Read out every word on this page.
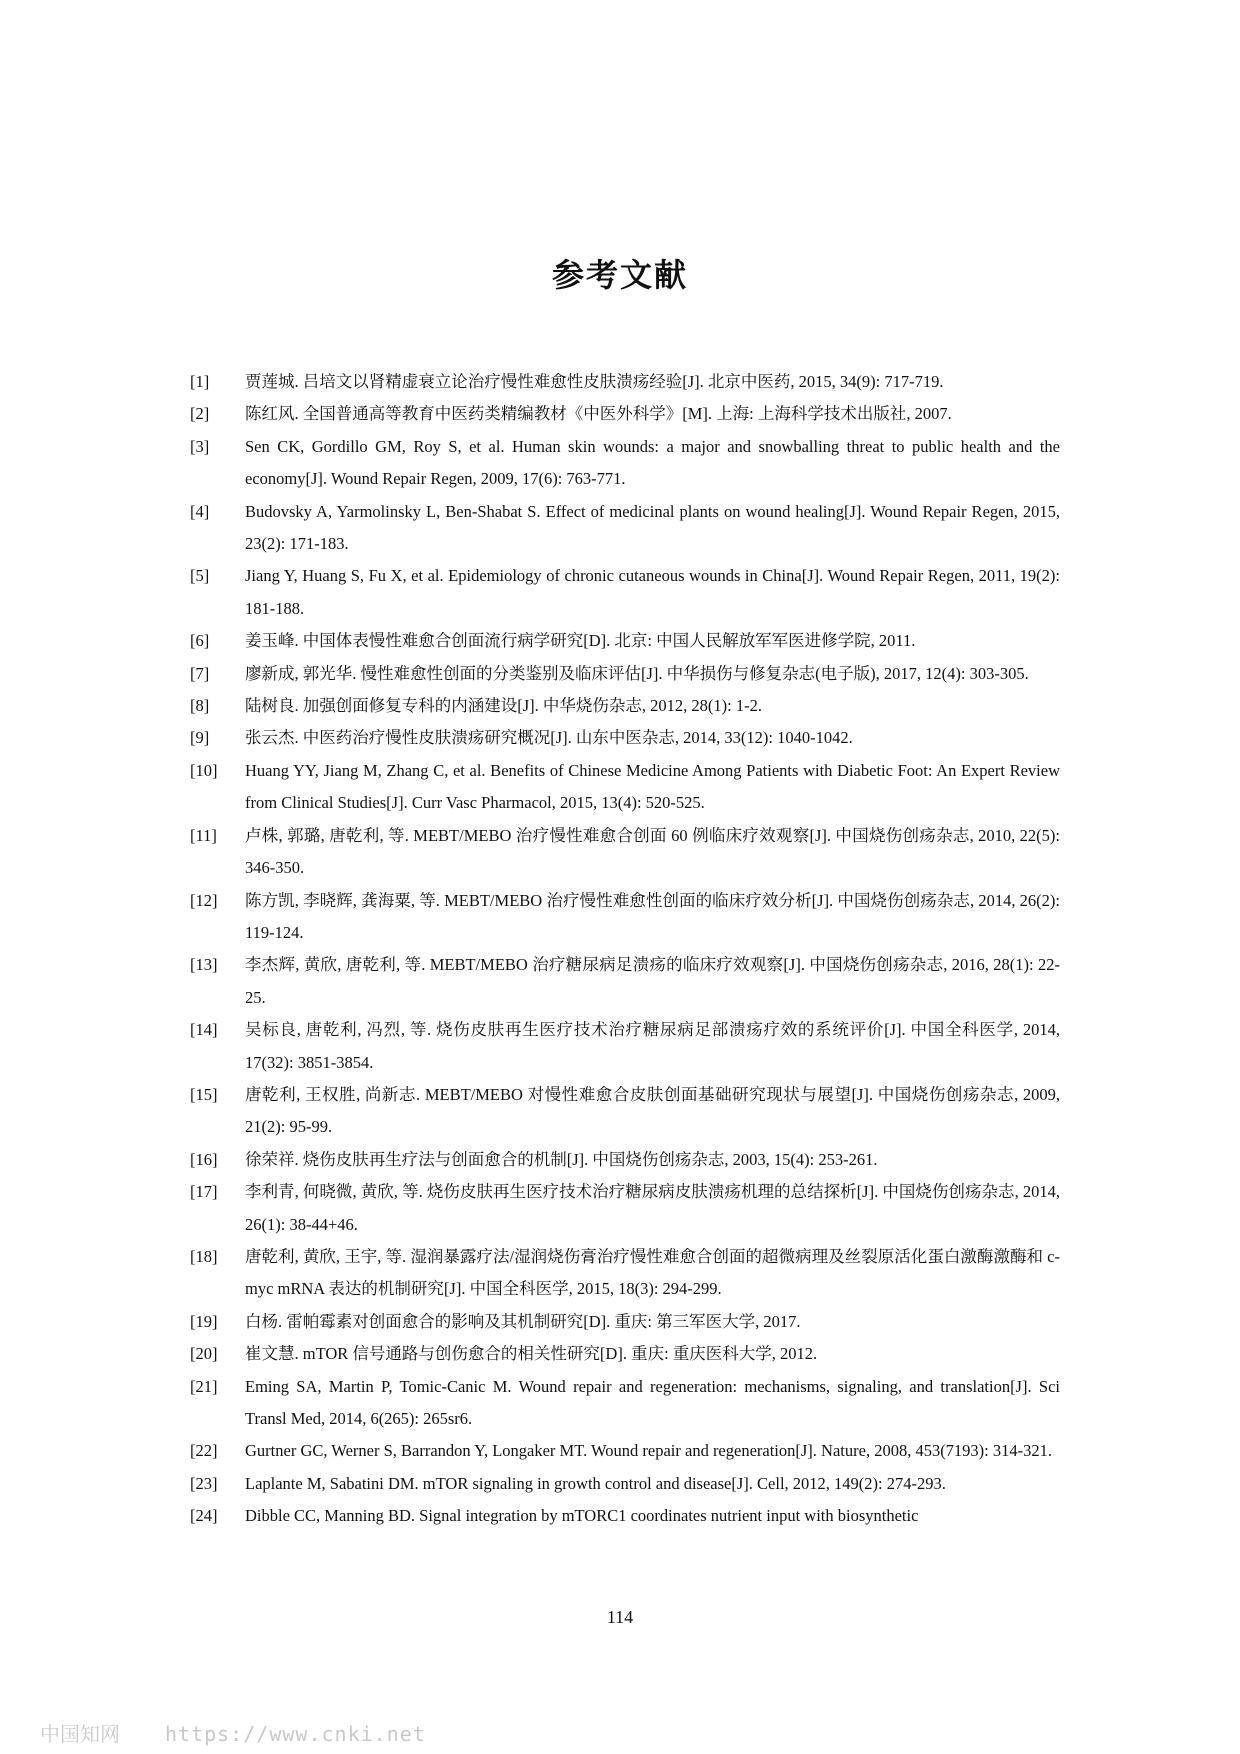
参考文献
[1]	贾莲城. 吕培文以肾精虚衰立论治疗慢性难愈性皮肤溃疡经验[J]. 北京中医药, 2015, 34(9): 717-719.
[2]	陈红风. 全国普通高等教育中医药类精编教材《中医外科学》[M]. 上海: 上海科学技术出版社, 2007.
[3]	Sen CK, Gordillo GM, Roy S, et al. Human skin wounds: a major and snowballing threat to public health and the economy[J]. Wound Repair Regen, 2009, 17(6): 763-771.
[4]	Budovsky A, Yarmolinsky L, Ben-Shabat S. Effect of medicinal plants on wound healing[J]. Wound Repair Regen, 2015, 23(2): 171-183.
[5]	Jiang Y, Huang S, Fu X, et al. Epidemiology of chronic cutaneous wounds in China[J]. Wound Repair Regen, 2011, 19(2): 181-188.
[6]	姜玉峰. 中国体表慢性难愈合创面流行病学研究[D]. 北京: 中国人民解放军军医进修学院, 2011.
[7]	廖新成, 郭光华. 慢性难愈性创面的分类鉴别及临床评估[J]. 中华损伤与修复杂志(电子版), 2017, 12(4): 303-305.
[8]	陆树良. 加强创面修复专科的内涵建设[J]. 中华烧伤杂志, 2012, 28(1): 1-2.
[9]	张云杰. 中医药治疗慢性皮肤溃疡研究概况[J]. 山东中医杂志, 2014, 33(12): 1040-1042.
[10]	Huang YY, Jiang M, Zhang C, et al. Benefits of Chinese Medicine Among Patients with Diabetic Foot: An Expert Review from Clinical Studies[J]. Curr Vasc Pharmacol, 2015, 13(4): 520-525.
[11]	卢株, 郭璐, 唐乾利, 等. MEBT/MEBO 治疗慢性难愈合创面 60 例临床疗效观察[J]. 中国烧伤创疡杂志, 2010, 22(5): 346-350.
[12]	陈方凯, 李晓辉, 龚海粟, 等. MEBT/MEBO 治疗慢性难愈性创面的临床疗效分析[J]. 中国烧伤创疡杂志, 2014, 26(2): 119-124.
[13]	李杰辉, 黄欣, 唐乾利, 等. MEBT/MEBO 治疗糖尿病足溃疡的临床疗效观察[J]. 中国烧伤创疡杂志, 2016, 28(1): 22-25.
[14]	吴标良, 唐乾利, 冯烈, 等. 烧伤皮肤再生医疗技术治疗糖尿病足部溃疡疗效的系统评价[J]. 中国全科医学, 2014, 17(32): 3851-3854.
[15]	唐乾利, 王权胜, 尚新志. MEBT/MEBO 对慢性难愈合皮肤创面基础研究现状与展望[J]. 中国烧伤创疡杂志, 2009, 21(2): 95-99.
[16]	徐荣祥. 烧伤皮肤再生疗法与创面愈合的机制[J]. 中国烧伤创疡杂志, 2003, 15(4): 253-261.
[17]	李利青, 何晓微, 黄欣, 等. 烧伤皮肤再生医疗技术治疗糖尿病皮肤溃疡机理的总结探析[J]. 中国烧伤创疡杂志, 2014, 26(1): 38-44+46.
[18]	唐乾利, 黄欣, 王宇, 等. 湿润暴露疗法/湿润烧伤膏治疗慢性难愈合创面的超微病理及丝裂原活化蛋白激酶激酶和 c-myc mRNA 表达的机制研究[J]. 中国全科医学, 2015, 18(3): 294-299.
[19]	白杨. 雷帕霉素对创面愈合的影响及其机制研究[D]. 重庆: 第三军医大学, 2017.
[20]	崔文慧. mTOR 信号通路与创伤愈合的相关性研究[D]. 重庆: 重庆医科大学, 2012.
[21]	Eming SA, Martin P, Tomic-Canic M. Wound repair and regeneration: mechanisms, signaling, and translation[J]. Sci Transl Med, 2014, 6(265): 265sr6.
[22]	Gurtner GC, Werner S, Barrandon Y, Longaker MT. Wound repair and regeneration[J]. Nature, 2008, 453(7193): 314-321.
[23]	Laplante M, Sabatini DM. mTOR signaling in growth control and disease[J]. Cell, 2012, 149(2): 274-293.
[24]	Dibble CC, Manning BD. Signal integration by mTORC1 coordinates nutrient input with biosynthetic
114
中国知网 https://www.cnki.net
